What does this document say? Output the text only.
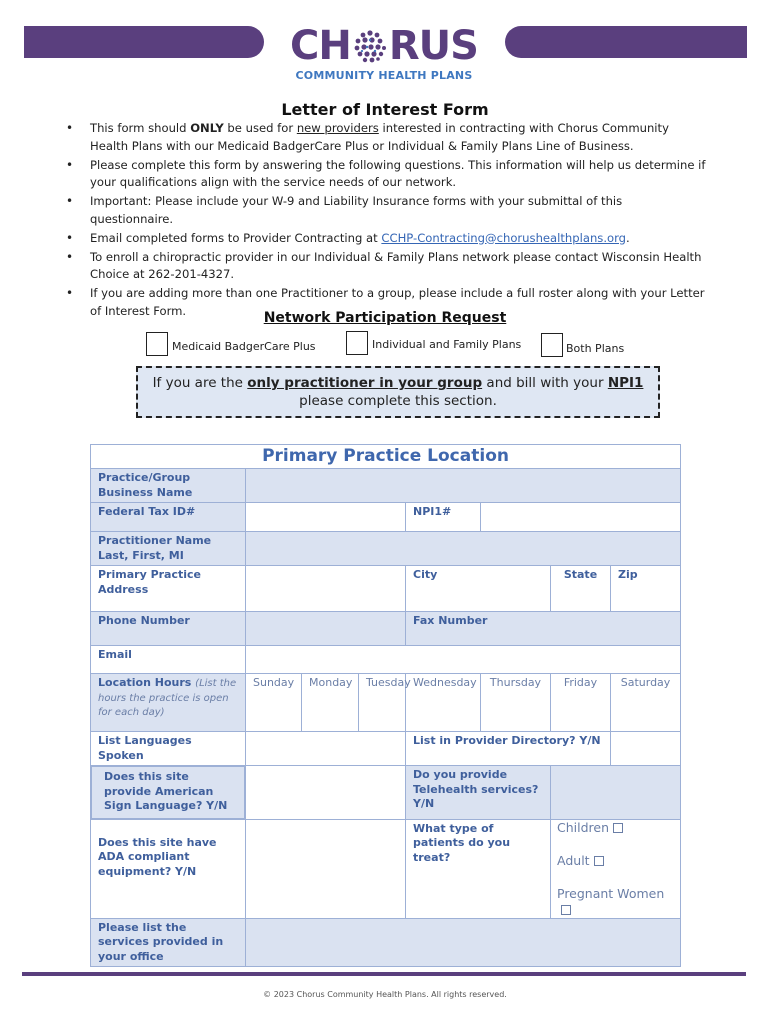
CH RUS
COMMUNITY HEALTH PLANS
Letter of Interest Form
• This form should ONLY be used for new providers interested in contracting with Chorus Community Health Plans with our Medicaid BadgerCare Plus or Individual & Family Plans Line of Business.
• Please complete this form by answering the following questions. This information will help us determine if your qualifications align with the service needs of our network.
• Important: Please include your W-9 and Liability Insurance forms with your submittal of this questionnaire.
• Email completed forms to Provider Contracting at CCHP-Contracting@chorushealthplans.org.
• To enroll a chiropractic provider in our Individual & Family Plans network please contact Wisconsin Health Choice at 262-201-4327.
• If you are adding more than one Practitioner to a group, please include a full roster along with your Letter of Interest Form.	Network Participation Request
Medicaid BadgerCare Plus	Individual and Family Plans	Both Plans
If you are the only practitioner in your group and bill with your NPI1 please complete this section.
Primary Practice Location							
Practice/Group Business Name							
Federal Tax ID#				NPI1#			
Practitioner Name Last, First, MI							
Primary Practice Address				City		State	Zip
Phone Number				Fax Number			
Email							
Location Hours (List the hours the practice is open for each day)	Sunday	Monday	Tuesday	Wednesday	Thursday	Friday	Saturday
List Languages Spoken				List in Provider Directory? Y/N			

Does this site provide American Sign Language? Y/N				Do you provide Telehealth services? Y/N			
Does this site have ADA compliant equipment? Y/N				What type of patients do you treat?		Children
Adult
Pregnant Women	

Please list the services provided in your office							
© 2023 Chorus Community Health Plans. All rights reserved.
